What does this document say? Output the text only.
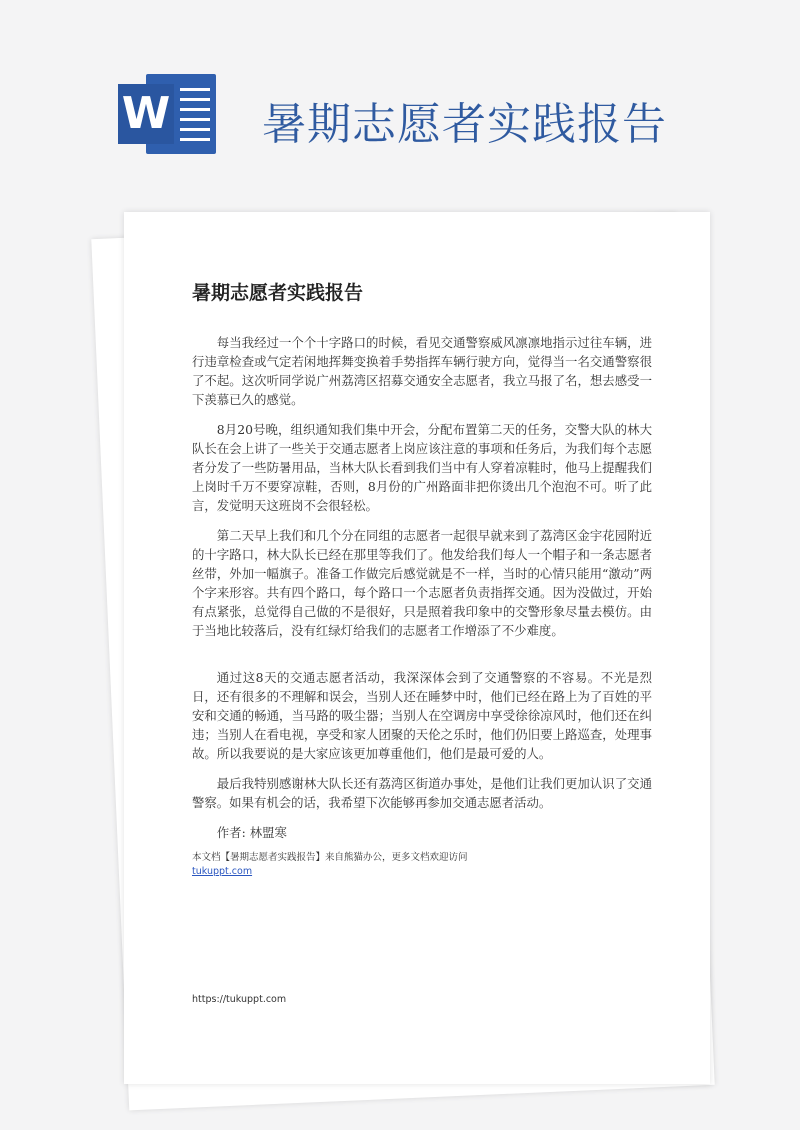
W 暑期志愿者实践报告
暑期志愿者实践报告

每当我经过一个个十字路口的时候，看见交通警察威风凛凛地指示过往车辆，进行违章检查或气定若闲地挥舞变换着手势指挥车辆行驶方向，觉得当一名交通警察很了不起。这次听同学说广州荔湾区招募交通安全志愿者，我立马报了名，想去感受一下羡慕已久的感觉。

8月20号晚，组织通知我们集中开会，分配布置第二天的任务，交警大队的林大队长在会上讲了一些关于交通志愿者上岗应该注意的事项和任务后，为我们每个志愿者分发了一些防暑用品，当林大队长看到我们当中有人穿着凉鞋时，他马上提醒我们上岗时千万不要穿凉鞋，否则，8月份的广州路面非把你烫出几个泡泡不可。听了此言，发觉明天这班岗不会很轻松。

第二天早上我们和几个分在同组的志愿者一起很早就来到了荔湾区金宇花园附近的十字路口，林大队长已经在那里等我们了。他发给我们每人一个帽子和一条志愿者丝带，外加一幅旗子。准备工作做完后感觉就是不一样，当时的心情只能用“激动”两个字来形容。共有四个路口，每个路口一个志愿者负责指挥交通。因为没做过，开始有点紧张，总觉得自己做的不是很好，只是照着我印象中的交警形象尽量去模仿。由于当地比较落后，没有红绿灯给我们的志愿者工作增添了不少难度。

通过这8天的交通志愿者活动，我深深体会到了交通警察的不容易。不光是烈日，还有很多的不理解和误会，当别人还在睡梦中时，他们已经在路上为了百姓的平安和交通的畅通，当马路的吸尘器；当别人在空调房中享受徐徐凉风时，他们还在纠违；当别人在看电视，享受和家人团聚的天伦之乐时，他们仍旧要上路巡查，处理事故。所以我要说的是大家应该更加尊重他们，他们是最可爱的人。

最后我特别感谢林大队长还有荔湾区街道办事处，是他们让我们更加认识了交通警察。如果有机会的话，我希望下次能够再参加交通志愿者活动。

作者: 林盟寒

本文档【暑期志愿者实践报告】来自熊猫办公，更多文档欢迎访问

tukuppt.com
https://tukuppt.com
